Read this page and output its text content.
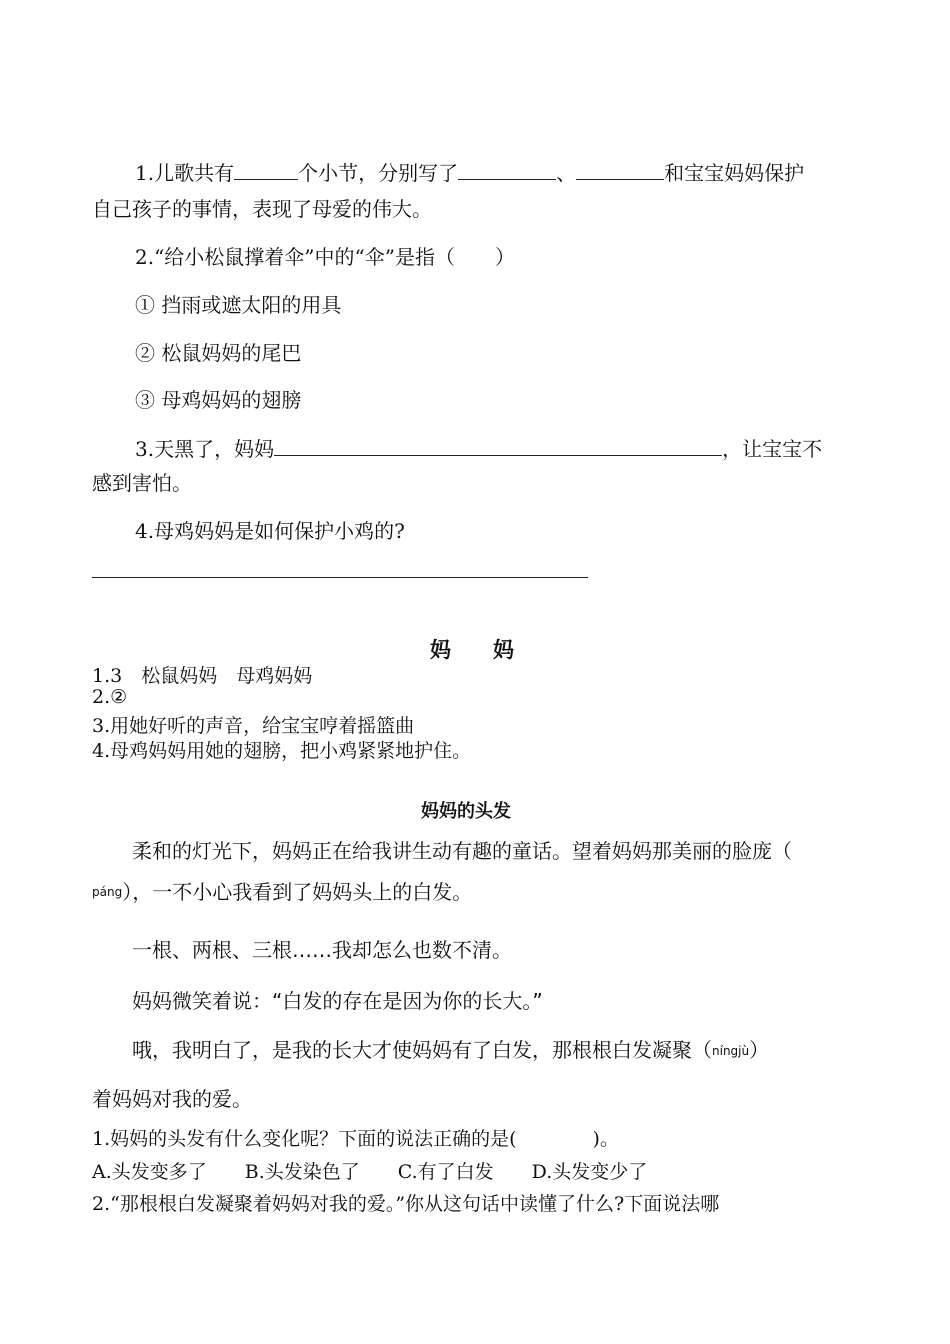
1.儿歌共有	个小节，分别写了	、	和宝宝妈妈保护
自己孩子的事情，表现了母爱的伟大。
2.“给小松鼠撑着伞”中的“伞”是指（　　）
① 挡雨或遮太阳的用具
② 松鼠妈妈的尾巴
③ 母鸡妈妈的翅膀
3.天黑了，妈妈	，让宝宝不
感到害怕。
4.母鸡妈妈是如何保护小鸡的?
妈　　妈
1.3　松鼠妈妈　母鸡妈妈
2.②
3.用她好听的声音，给宝宝哼着摇篮曲
4.母鸡妈妈用她的翅膀，把小鸡紧紧地护住。
妈妈的头发
柔和的灯光下，妈妈正在给我讲生动有趣的童话。望着妈妈那美丽的脸庞（
páng），一不小心我看到了妈妈头上的白发。
一根、两根、三根……我却怎么也数不清。
妈妈微笑着说：“白发的存在是因为你的长大。”
哦，我明白了，是我的长大才使妈妈有了白发，那根根白发凝聚（níngjù）
着妈妈对我的爱。
1.妈妈的头发有什么变化呢？下面的说法正确的是(　　　　)。
A.头发变多了　　B.头发染色了　　C.有了白发　　D.头发变少了
2.“那根根白发凝聚着妈妈对我的爱。”你从这句话中读懂了什么?下面说法哪
